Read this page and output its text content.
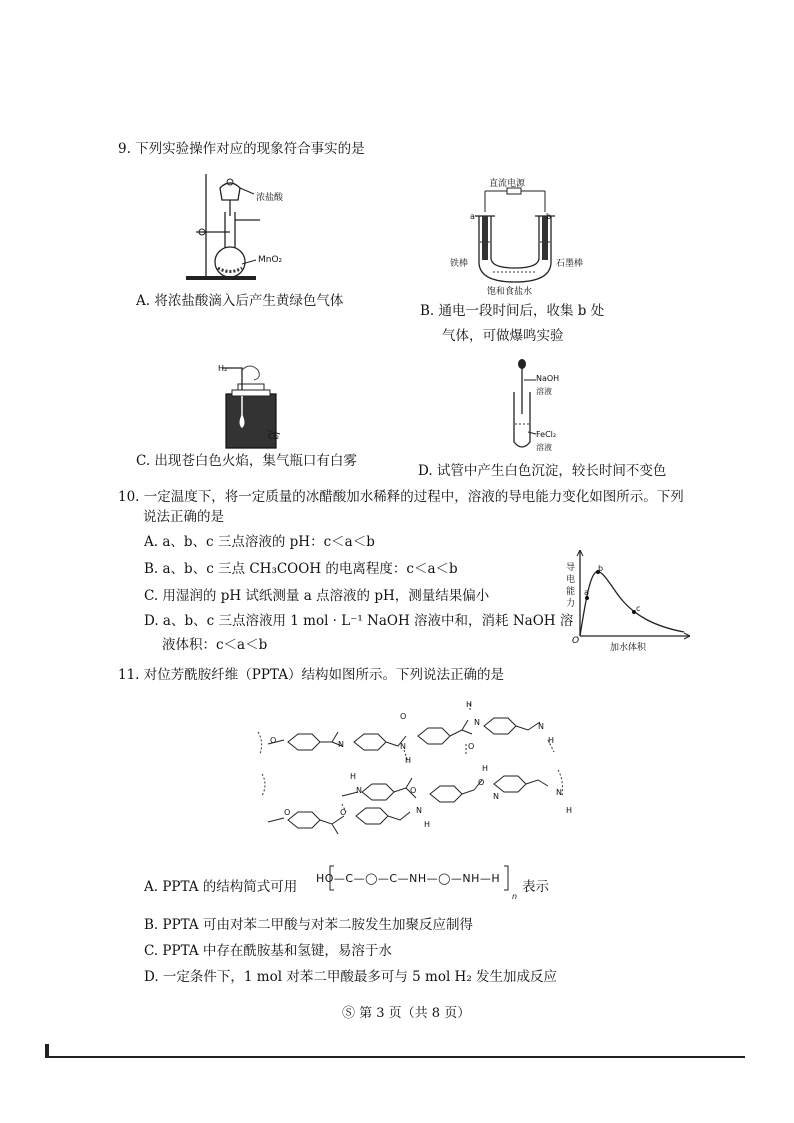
9. 下列实验操作对应的现象符合事实的是
浓盐酸
MnO₂
A. 将浓盐酸滴入后产生黄绿色气体
直流电源
a	b
铁棒	石墨棒
饱和食盐水
B. 通电一段时间后，收集 b 处
气体，可做爆鸣实验
H₂
Cl₂
C. 出现苍白色火焰，集气瓶口有白雾
NaOH
溶液
FeCl₂
溶液
D. 试管中产生白色沉淀，较长时间不变色
10. 一定温度下，将一定质量的冰醋酸加水稀释的过程中，溶液的导电能力变化如图所示。下列
说法正确的是
A. a、b、c 三点溶液的 pH：c＜a＜b
B. a、b、c 三点 CH₃COOH 的电离程度：c＜a＜b
C. 用湿润的 pH 试纸测量 a 点溶液的 pH，测量结果偏小
D. a、b、c 三点溶液用 1 mol · L⁻¹ NaOH 溶液中和，消耗 NaOH 溶
液体积：c＜a＜b
a
b
c
导电能力
O
加水体积
11. 对位芳酰胺纤维（PPTA）结构如图所示。下列说法正确的是
O	N	N
H
O
H
N
O
N
H
O
O
N
H
N
H
O
H
N	N
H
O
A. PPTA 的结构简式可用
HO—C—◯—C—NH—◯—NH—H
n
表示
B. PPTA 可由对苯二甲酸与对苯二胺发生加聚反应制得
C. PPTA 中存在酰胺基和氢键，易溶于水
D. 一定条件下，1 mol 对苯二甲酸最多可与 5 mol H₂ 发生加成反应
Ⓢ 第 3 页（共 8 页）
